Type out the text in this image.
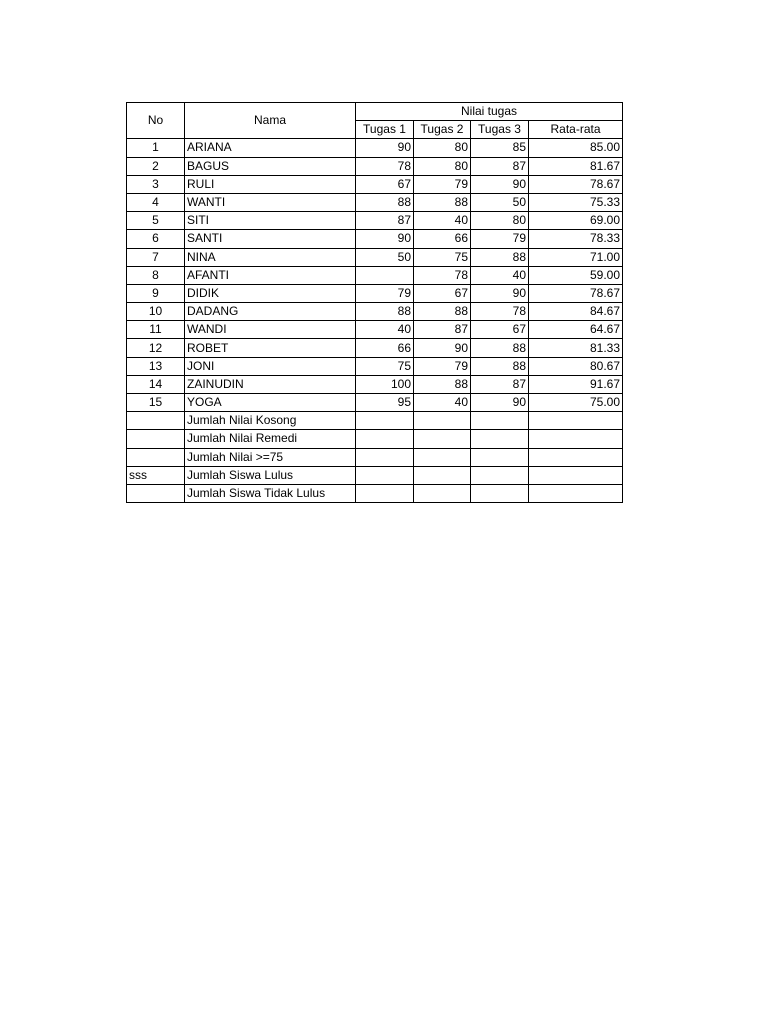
No	Nama	Nilai tugas			
		Tugas 1	Tugas 2	Tugas 3	Rata-rata
1	ARIANA	90	80	85	85.00
2	BAGUS	78	80	87	81.67
3	RULI	67	79	90	78.67
4	WANTI	88	88	50	75.33
5	SITI	87	40	80	69.00
6	SANTI	90	66	79	78.33
7	NINA	50	75	88	71.00
8	AFANTI		78	40	59.00
9	DIDIK	79	67	90	78.67
10	DADANG	88	88	78	84.67
11	WANDI	40	87	67	64.67
12	ROBET	66	90	88	81.33
13	JONI	75	79	88	80.67
14	ZAINUDIN	100	88	87	91.67
15	YOGA	95	40	90	75.00
	Jumlah Nilai Kosong				
	Jumlah Nilai Remedi				
	Jumlah Nilai >=75				
sss	Jumlah Siswa Lulus				
	Jumlah Siswa Tidak Lulus				
